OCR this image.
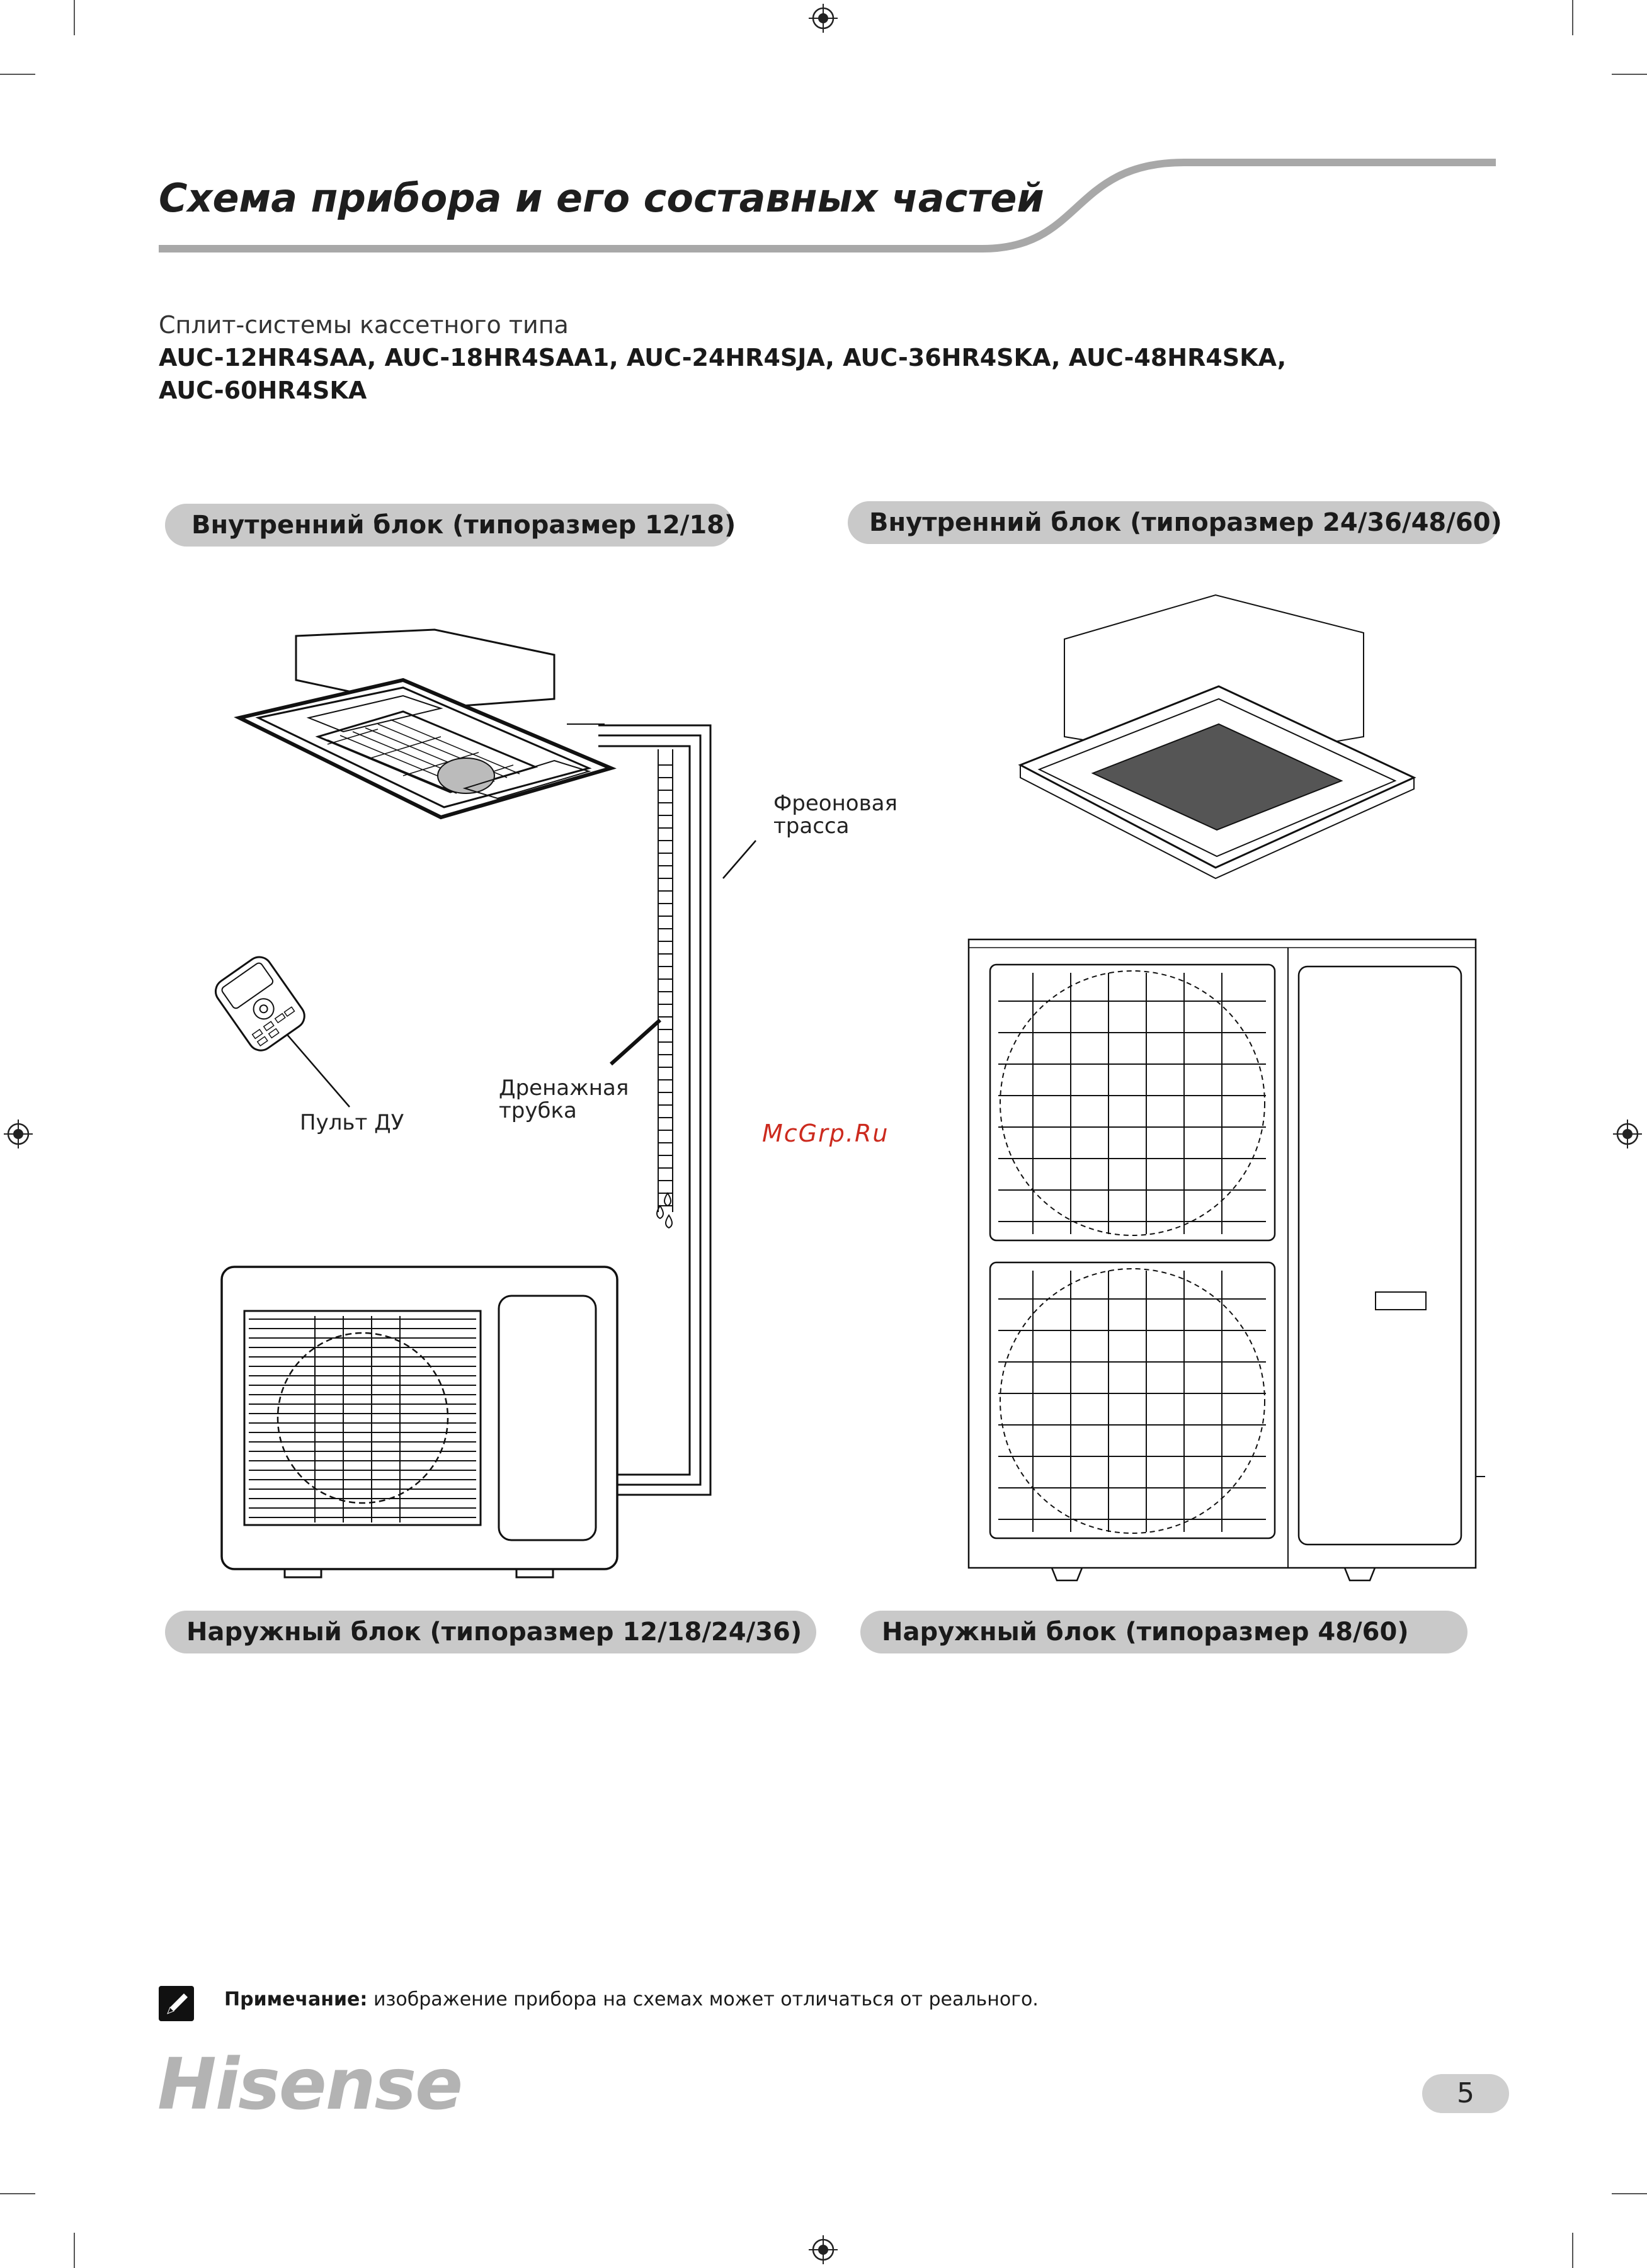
Схема прибора и его составных частей
Сплит-системы кассетного типа
AUC-12HR4SAA, AUC-18HR4SAA1, AUC-24HR4SJA, AUC-36HR4SKA, AUC-48HR4SKA,
AUC-60HR4SKA
Внутренний блок (типоразмер 12/18)	Внутренний блок (типоразмер 24/36/48/60)
Наружный блок (типоразмер 12/18/24/36)	Наружный блок (типоразмер 48/60)
Фреоновая
трасса
Дренажная
трубка
Пульт ДУ	McGrp.Ru
Примечание: изображение прибора на схемах может отличаться от реального.
Hisense	5
